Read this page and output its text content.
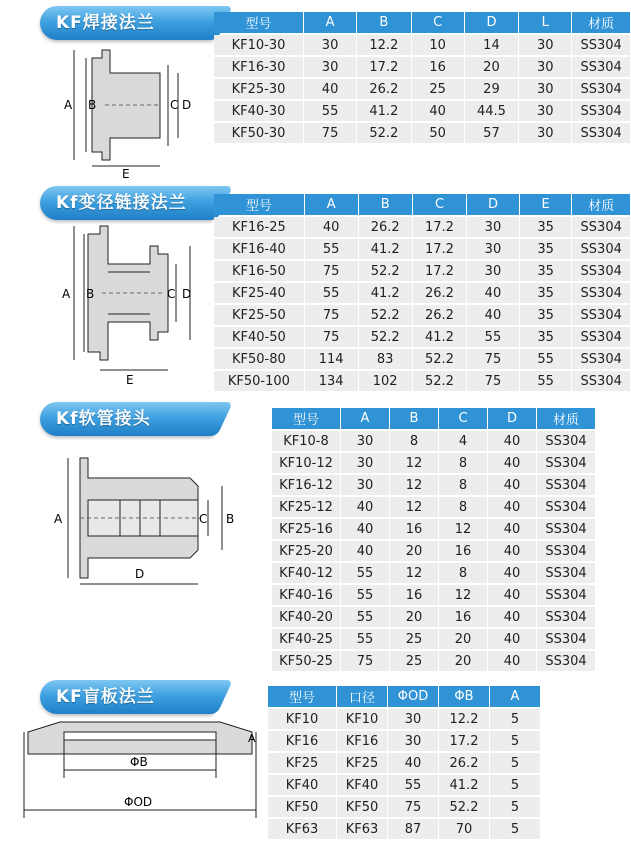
KF焊接法兰
A B	C D
E
型号	A	B	C	D	L	材质
KF10-30	30	12.2	10	14	30	SS304
KF16-30	30	17.2	16	20	30	SS304
KF25-30	40	26.2	25	29	30	SS304
KF40-30	55	41.2	40	44.5	30	SS304
KF50-30	75	52.2	50	57	30	SS304
Kf变径链接法兰
A B	C D
E
型号	A	B	C	D	E	材质
KF16-25	40	26.2	17.2	30	35	SS304
KF16-40	55	41.2	17.2	30	35	SS304
KF16-50	75	52.2	17.2	30	35	SS304
KF25-40	55	41.2	26.2	40	35	SS304
KF25-50	75	52.2	26.2	40	35	SS304
KF40-50	75	52.2	41.2	55	35	SS304
KF50-80	114	83	52.2	75	55	SS304
KF50-100	134	102	52.2	75	55	SS304
Kf软管接头
A	B
C
D
型号	A	B	C	D	材质
KF10-8	30	8	4	40	SS304
KF10-12	30	12	8	40	SS304
KF16-12	30	12	8	40	SS304
KF25-12	40	12	8	40	SS304
KF25-16	40	16	12	40	SS304
KF25-20	40	20	16	40	SS304
KF40-12	55	12	8	40	SS304
KF40-16	55	16	12	40	SS304
KF40-20	55	20	16	40	SS304
KF40-25	55	25	20	40	SS304
KF50-25	75	25	20	40	SS304
KF盲板法兰
A
ΦB
ΦOD
型号	口径	ΦOD	ΦB	A
KF10	KF10	30	12.2	5
KF16	KF16	30	17.2	5
KF25	KF25	40	26.2	5
KF40	KF40	55	41.2	5
KF50	KF50	75	52.2	5
KF63	KF63	87	70	5
